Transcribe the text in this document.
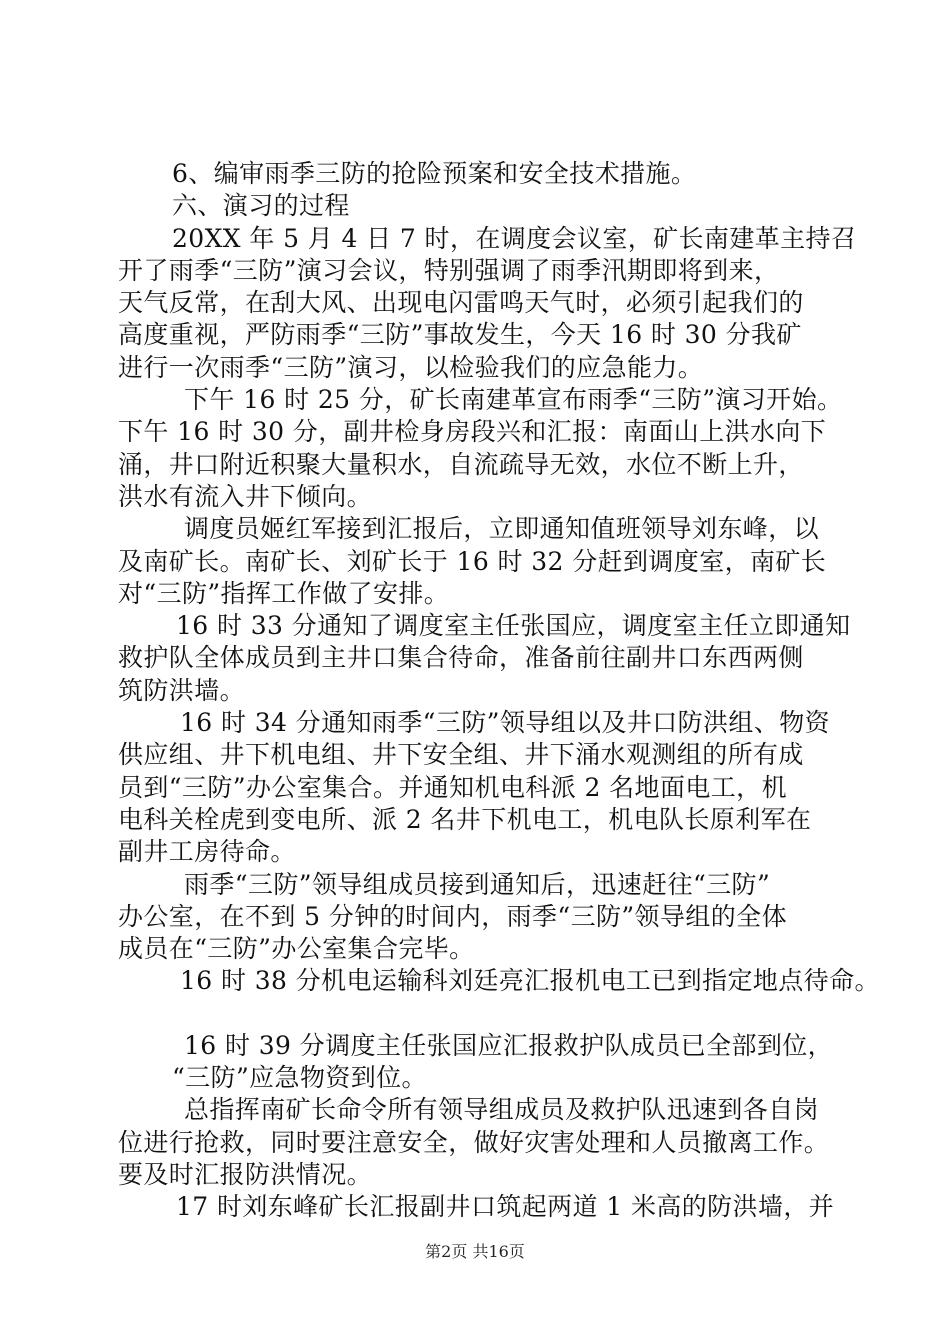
6、编审雨季三防的抢险预案和安全技术措施。
六、演习的过程
20XX 年 5 月 4 日 7 时，在调度会议室，矿长南建革主持召
开了雨季“三防”演习会议，特别强调了雨季汛期即将到来，
天气反常，在刮大风、出现电闪雷鸣天气时，必须引起我们的
高度重视，严防雨季“三防”事故发生，今天 16 时 30 分我矿
进行一次雨季“三防”演习，以检验我们的应急能力。
下午 16 时 25 分，矿长南建革宣布雨季“三防”演习开始。
下午 16 时 30 分，副井检身房段兴和汇报：南面山上洪水向下
涌，井口附近积聚大量积水，自流疏导无效，水位不断上升，
洪水有流入井下倾向。
调度员姬红军接到汇报后，立即通知值班领导刘东峰，以
及南矿长。南矿长、刘矿长于 16 时 32 分赶到调度室，南矿长
对“三防”指挥工作做了安排。
16 时 33 分通知了调度室主任张国应，调度室主任立即通知
救护队全体成员到主井口集合待命，准备前往副井口东西两侧
筑防洪墙。
16 时 34 分通知雨季“三防”领导组以及井口防洪组、物资
供应组、井下机电组、井下安全组、井下涌水观测组的所有成
员到“三防”办公室集合。并通知机电科派 2 名地面电工，机
电科关栓虎到变电所、派 2 名井下机电工，机电队长原利军在
副井工房待命。
雨季“三防”领导组成员接到通知后，迅速赶往“三防”
办公室，在不到 5 分钟的时间内，雨季“三防”领导组的全体
成员在“三防”办公室集合完毕。
16 时 38 分机电运输科刘廷亮汇报机电工已到指定地点待命。
16 时 39 分调度主任张国应汇报救护队成员已全部到位，
“三防”应急物资到位。
总指挥南矿长命令所有领导组成员及救护队迅速到各自岗
位进行抢救，同时要注意安全，做好灾害处理和人员撤离工作。
要及时汇报防洪情况。
17 时刘东峰矿长汇报副井口筑起两道 1 米高的防洪墙，并
第2页 共16页
